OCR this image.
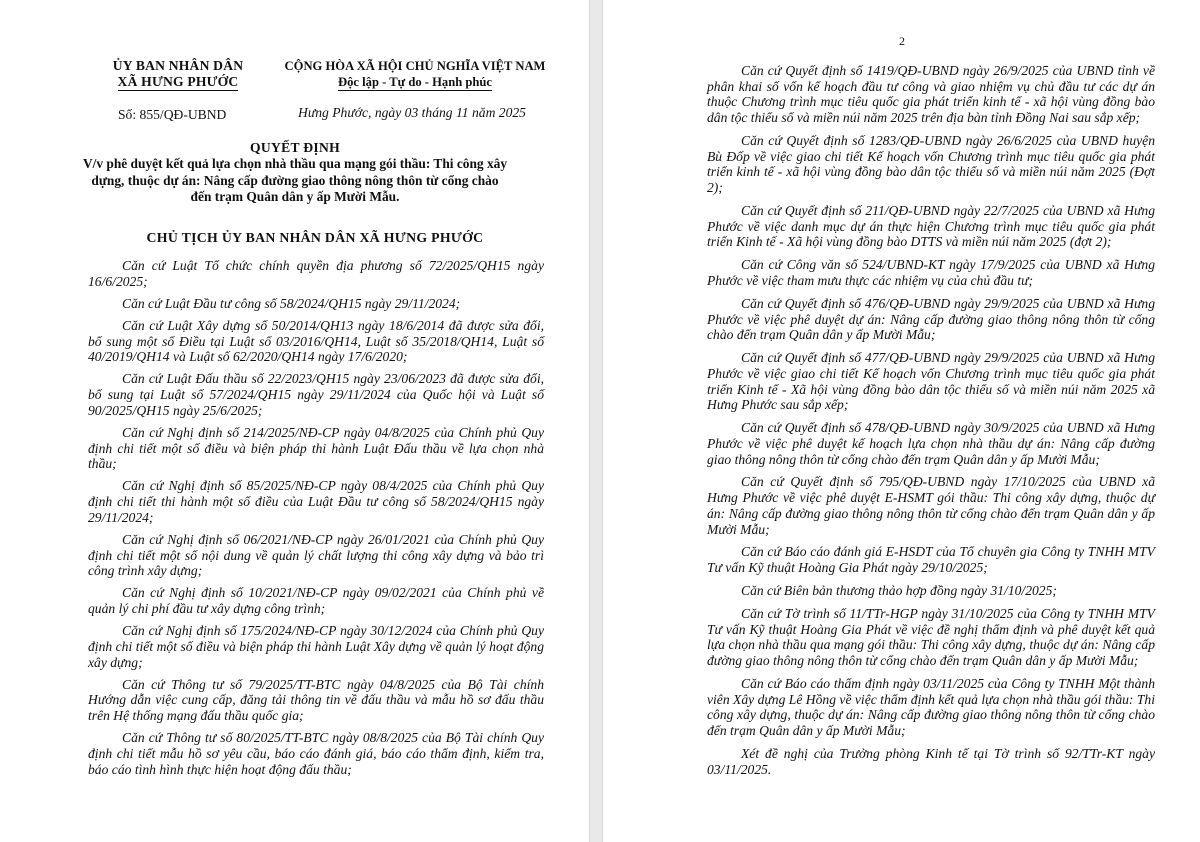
ỦY BAN NHÂN DÂN
XÃ HƯNG PHƯỚC
CỘNG HÒA XÃ HỘI CHỦ NGHĨA VIỆT NAM
Độc lập - Tự do - Hạnh phúc
Số: 855/QĐ-UBND	Hưng Phước, ngày 03 tháng 11 năm 2025
QUYẾT ĐỊNH
V/v phê duyệt kết quả lựa chọn nhà thầu qua mạng gói thầu: Thi công xây
dựng, thuộc dự án: Nâng cấp đường giao thông nông thôn từ cổng chào
đến trạm Quân dân y ấp Mười Mẫu.
CHỦ TỊCH ỦY BAN NHÂN DÂN XÃ HƯNG PHƯỚC

Căn cứ Luật Tổ chức chính quyền địa phương số 72/2025/QH15 ngày 16/6/2025;

Căn cứ Luật Đầu tư công số 58/2024/QH15 ngày 29/11/2024;

Căn cứ Luật Xây dựng số 50/2014/QH13 ngày 18/6/2014 đã được sửa đổi, bổ sung một số Điều tại Luật số 03/2016/QH14, Luật số 35/2018/QH14, Luật số 40/2019/QH14 và Luật số 62/2020/QH14 ngày 17/6/2020;

Căn cứ Luật Đấu thầu số 22/2023/QH15 ngày 23/06/2023 đã được sửa đổi, bổ sung tại Luật số 57/2024/QH15 ngày 29/11/2024 của Quốc hội và Luật số 90/2025/QH15 ngày 25/6/2025;

Căn cứ Nghị định số 214/2025/NĐ-CP ngày 04/8/2025 của Chính phủ Quy định chi tiết một số điều và biện pháp thi hành Luật Đấu thầu về lựa chọn nhà thầu;

Căn cứ Nghị định số 85/2025/NĐ-CP ngày 08/4/2025 của Chính phủ Quy định chi tiết thi hành một số điều của Luật Đầu tư công số 58/2024/QH15 ngày 29/11/2024;

Căn cứ Nghị định số 06/2021/NĐ-CP ngày 26/01/2021 của Chính phủ Quy định chi tiết một số nội dung về quản lý chất lượng thi công xây dựng và bảo trì công trình xây dựng;

Căn cứ Nghị định số 10/2021/NĐ-CP ngày 09/02/2021 của Chính phủ về quản lý chi phí đầu tư xây dựng công trình;

Căn cứ Nghị định số 175/2024/NĐ-CP ngày 30/12/2024 của Chính phủ Quy định chi tiết một số điều và biện pháp thi hành Luật Xây dựng về quản lý hoạt động xây dựng;

Căn cứ Thông tư số 79/2025/TT-BTC ngày 04/8/2025 của Bộ Tài chính Hướng dẫn việc cung cấp, đăng tải thông tin về đấu thầu và mẫu hồ sơ đấu thầu trên Hệ thống mạng đấu thầu quốc gia;

Căn cứ Thông tư số 80/2025/TT-BTC ngày 08/8/2025 của Bộ Tài chính Quy định chi tiết mẫu hồ sơ yêu cầu, báo cáo đánh giá, báo cáo thẩm định, kiểm tra, báo cáo tình hình thực hiện hoạt động đấu thầu;

2

Căn cứ Quyết định số 1419/QĐ-UBND ngày 26/9/2025 của UBND tỉnh về phân khai số vốn kế hoạch đầu tư công và giao nhiệm vụ chủ đầu tư các dự án thuộc Chương trình mục tiêu quốc gia phát triển kinh tế - xã hội vùng đồng bào dân tộc thiểu số và miền núi năm 2025 trên địa bàn tỉnh Đồng Nai sau sắp xếp;

Căn cứ Quyết định số 1283/QĐ-UBND ngày 26/6/2025 của UBND huyện Bù Đốp về việc giao chi tiết Kế hoạch vốn Chương trình mục tiêu quốc gia phát triển kinh tế - xã hội vùng đồng bào dân tộc thiểu số và miền núi năm 2025 (Đợt 2);

Căn cứ Quyết định số 211/QĐ-UBND ngày 22/7/2025 của UBND xã Hưng Phước về việc danh mục dự án thực hiện Chương trình mục tiêu quốc gia phát triển Kinh tế - Xã hội vùng đồng bào DTTS và miền núi năm 2025 (đợt 2);

Căn cứ Công văn số 524/UBND-KT ngày 17/9/2025 của UBND xã Hưng Phước về việc tham mưu thực các nhiệm vụ của chủ đầu tư;

Căn cứ Quyết định số 476/QĐ-UBND ngày 29/9/2025 của UBND xã Hưng Phước về việc phê duyệt dự án: Nâng cấp đường giao thông nông thôn từ cổng chào đến trạm Quân dân y ấp Mười Mẫu;

Căn cứ Quyết định số 477/QĐ-UBND ngày 29/9/2025 của UBND xã Hưng Phước về việc giao chi tiết Kế hoạch vốn Chương trình mục tiêu quốc gia phát triển Kinh tế - Xã hội vùng đồng bào dân tộc thiểu số và miền núi năm 2025 xã Hưng Phước sau sắp xếp;

Căn cứ Quyết định số 478/QĐ-UBND ngày 30/9/2025 của UBND xã Hưng Phước về việc phê duyệt kế hoạch lựa chọn nhà thầu dự án: Nâng cấp đường giao thông nông thôn từ cổng chào đến trạm Quân dân y ấp Mười Mẫu;

Căn cứ Quyết định số 795/QĐ-UBND ngày 17/10/2025 của UBND xã Hưng Phước về việc phê duyệt E-HSMT gói thầu: Thi công xây dựng, thuộc dự án: Nâng cấp đường giao thông nông thôn từ cổng chào đến trạm Quân dân y ấp Mười Mẫu;

Căn cứ Báo cáo đánh giá E-HSDT của Tổ chuyên gia Công ty TNHH MTV Tư vấn Kỹ thuật Hoàng Gia Phát ngày 29/10/2025;

Căn cứ Biên bản thương thảo hợp đồng ngày 31/10/2025;

Căn cứ Tờ trình số 11/TTr-HGP ngày 31/10/2025 của Công ty TNHH MTV Tư vấn Kỹ thuật Hoàng Gia Phát về việc đề nghị thẩm định và phê duyệt kết quả lựa chọn nhà thầu qua mạng gói thầu: Thi công xây dựng, thuộc dự án: Nâng cấp đường giao thông nông thôn từ cổng chào đến trạm Quân dân y ấp Mười Mẫu;

Căn cứ Báo cáo thẩm định ngày 03/11/2025 của Công ty TNHH Một thành viên Xây dựng Lê Hồng về việc thẩm định kết quả lựa chọn nhà thầu gói thầu: Thi công xây dựng, thuộc dự án: Nâng cấp đường giao thông nông thôn từ cổng chào đến trạm Quân dân y ấp Mười Mẫu;

Xét đề nghị của Trưởng phòng Kinh tế tại Tờ trình số 92/TTr-KT ngày 03/11/2025.
